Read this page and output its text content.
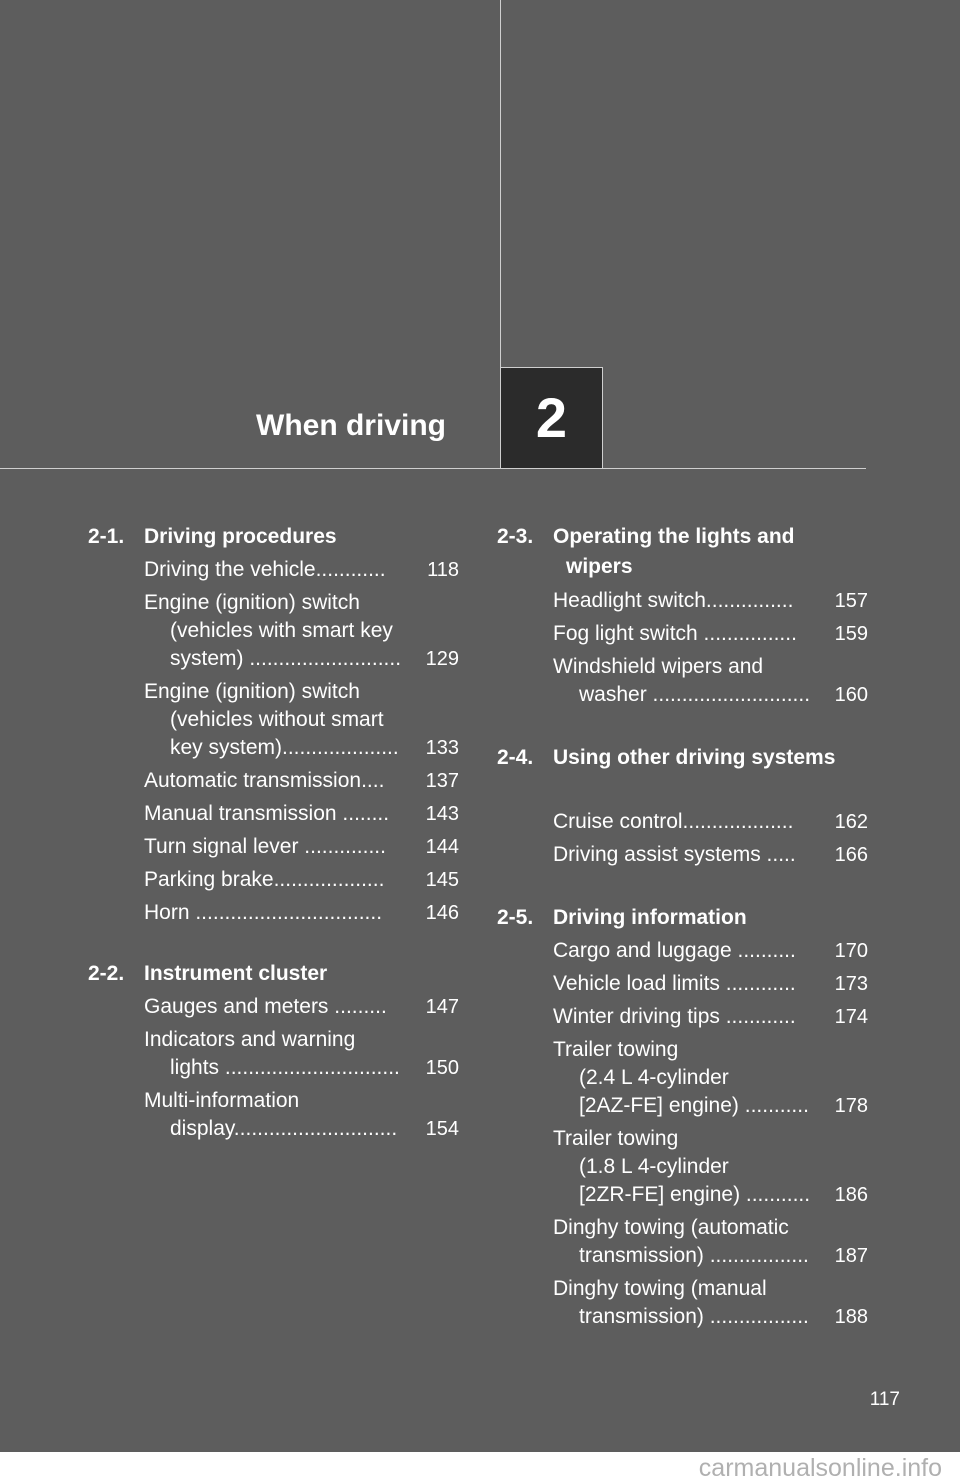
When driving 2
2-1. Driving procedures
Driving the vehicle............	118
Engine (ignition) switch
(vehicles with smart key
system) ..........................	129
Engine (ignition) switch
(vehicles without smart
key system)....................	133
Automatic transmission....	137
Manual transmission ........	143
Turn signal lever ..............	144
Parking brake...................	145
Horn ................................	146
2-2. Instrument cluster
Gauges and meters .........	147
Indicators and warning
lights ..............................	150
Multi-information
display............................	154
2-3. Operating the lights and wipers
Headlight switch...............	157
Fog light switch ................	159
Windshield wipers and
washer ...........................	160
2-4. Using other driving systems
Cruise control...................	162
Driving assist systems .....	166
2-5. Driving information
Cargo and luggage ..........	170
Vehicle load limits ............	173
Winter driving tips ............	174
Trailer towing
(2.4 L 4-cylinder
[2AZ-FE] engine) ...........	178
Trailer towing
(1.8 L 4-cylinder
[2ZR-FE] engine) ...........	186
Dinghy towing (automatic
transmission) .................	187
Dinghy towing (manual
transmission) .................	188
117
carmanualsonline.info
